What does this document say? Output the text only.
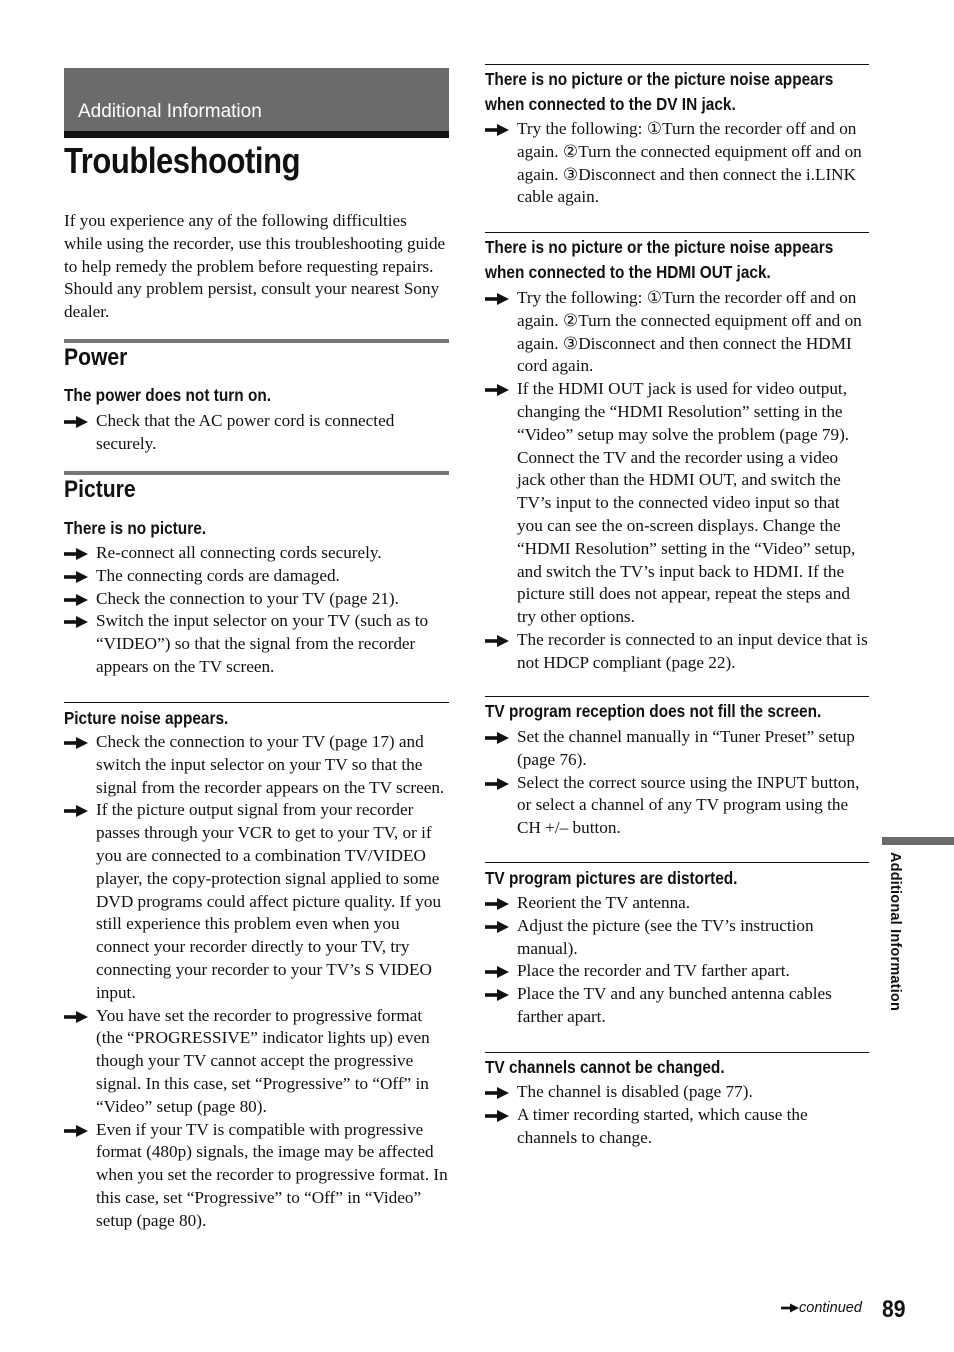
Additional Information
Troubleshooting
If you experience any of the following difficulties while using the recorder, use this troubleshooting guide to help remedy the problem before requesting repairs. Should any problem persist, consult your nearest Sony dealer.
Power
The power does not turn on.
Check that the AC power cord is connected securely.
Picture
There is no picture.
Re-connect all connecting cords securely.
The connecting cords are damaged.
Check the connection to your TV (page 21).
Switch the input selector on your TV (such as to “VIDEO”) so that the signal from the recorder appears on the TV screen.
Picture noise appears.
Check the connection to your TV (page 17) and switch the input selector on your TV so that the signal from the recorder appears on the TV screen.
If the picture output signal from your recorder passes through your VCR to get to your TV, or if you are connected to a combination TV/VIDEO player, the copy-protection signal applied to some DVD programs could affect picture quality. If you still experience this problem even when you connect your recorder directly to your TV, try connecting your recorder to your TV’s S VIDEO input.
You have set the recorder to progressive format (the “PROGRESSIVE” indicator lights up) even though your TV cannot accept the progressive signal. In this case, set “Progressive” to “Off” in “Video” setup (page 80).
Even if your TV is compatible with progressive format (480p) signals, the image may be affected when you set the recorder to progressive format. In this case, set “Progressive” to “Off” in “Video” setup (page 80).
There is no picture or the picture noise appears
when connected to the DV IN jack.
Try the following: ①Turn the recorder off and on again. ②Turn the connected equipment off and on again. ③Disconnect and then connect the i.LINK cable again.
There is no picture or the picture noise appears
when connected to the HDMI OUT jack.
Try the following: ①Turn the recorder off and on again. ②Turn the connected equipment off and on again. ③Disconnect and then connect the HDMI cord again.
If the HDMI OUT jack is used for video output, changing the “HDMI Resolution” setting in the “Video” setup may solve the problem (page 79). Connect the TV and the recorder using a video jack other than the HDMI OUT, and switch the TV’s input to the connected video input so that you can see the on-screen displays. Change the “HDMI Resolution” setting in the “Video” setup, and switch the TV’s input back to HDMI. If the picture still does not appear, repeat the steps and try other options.
The recorder is connected to an input device that is not HDCP compliant (page 22).
TV program reception does not fill the screen.
Set the channel manually in “Tuner Preset” setup (page 76).
Select the correct source using the INPUT button, or select a channel of any TV program using the CH +/– button.
TV program pictures are distorted.
Reorient the TV antenna.
Adjust the picture (see the TV’s instruction manual).
Place the recorder and TV farther apart.
Place the TV and any bunched antenna cables farther apart.
TV channels cannot be changed.
The channel is disabled (page 77).
A timer recording started, which cause the channels to change.
Additional Information
continued 89
